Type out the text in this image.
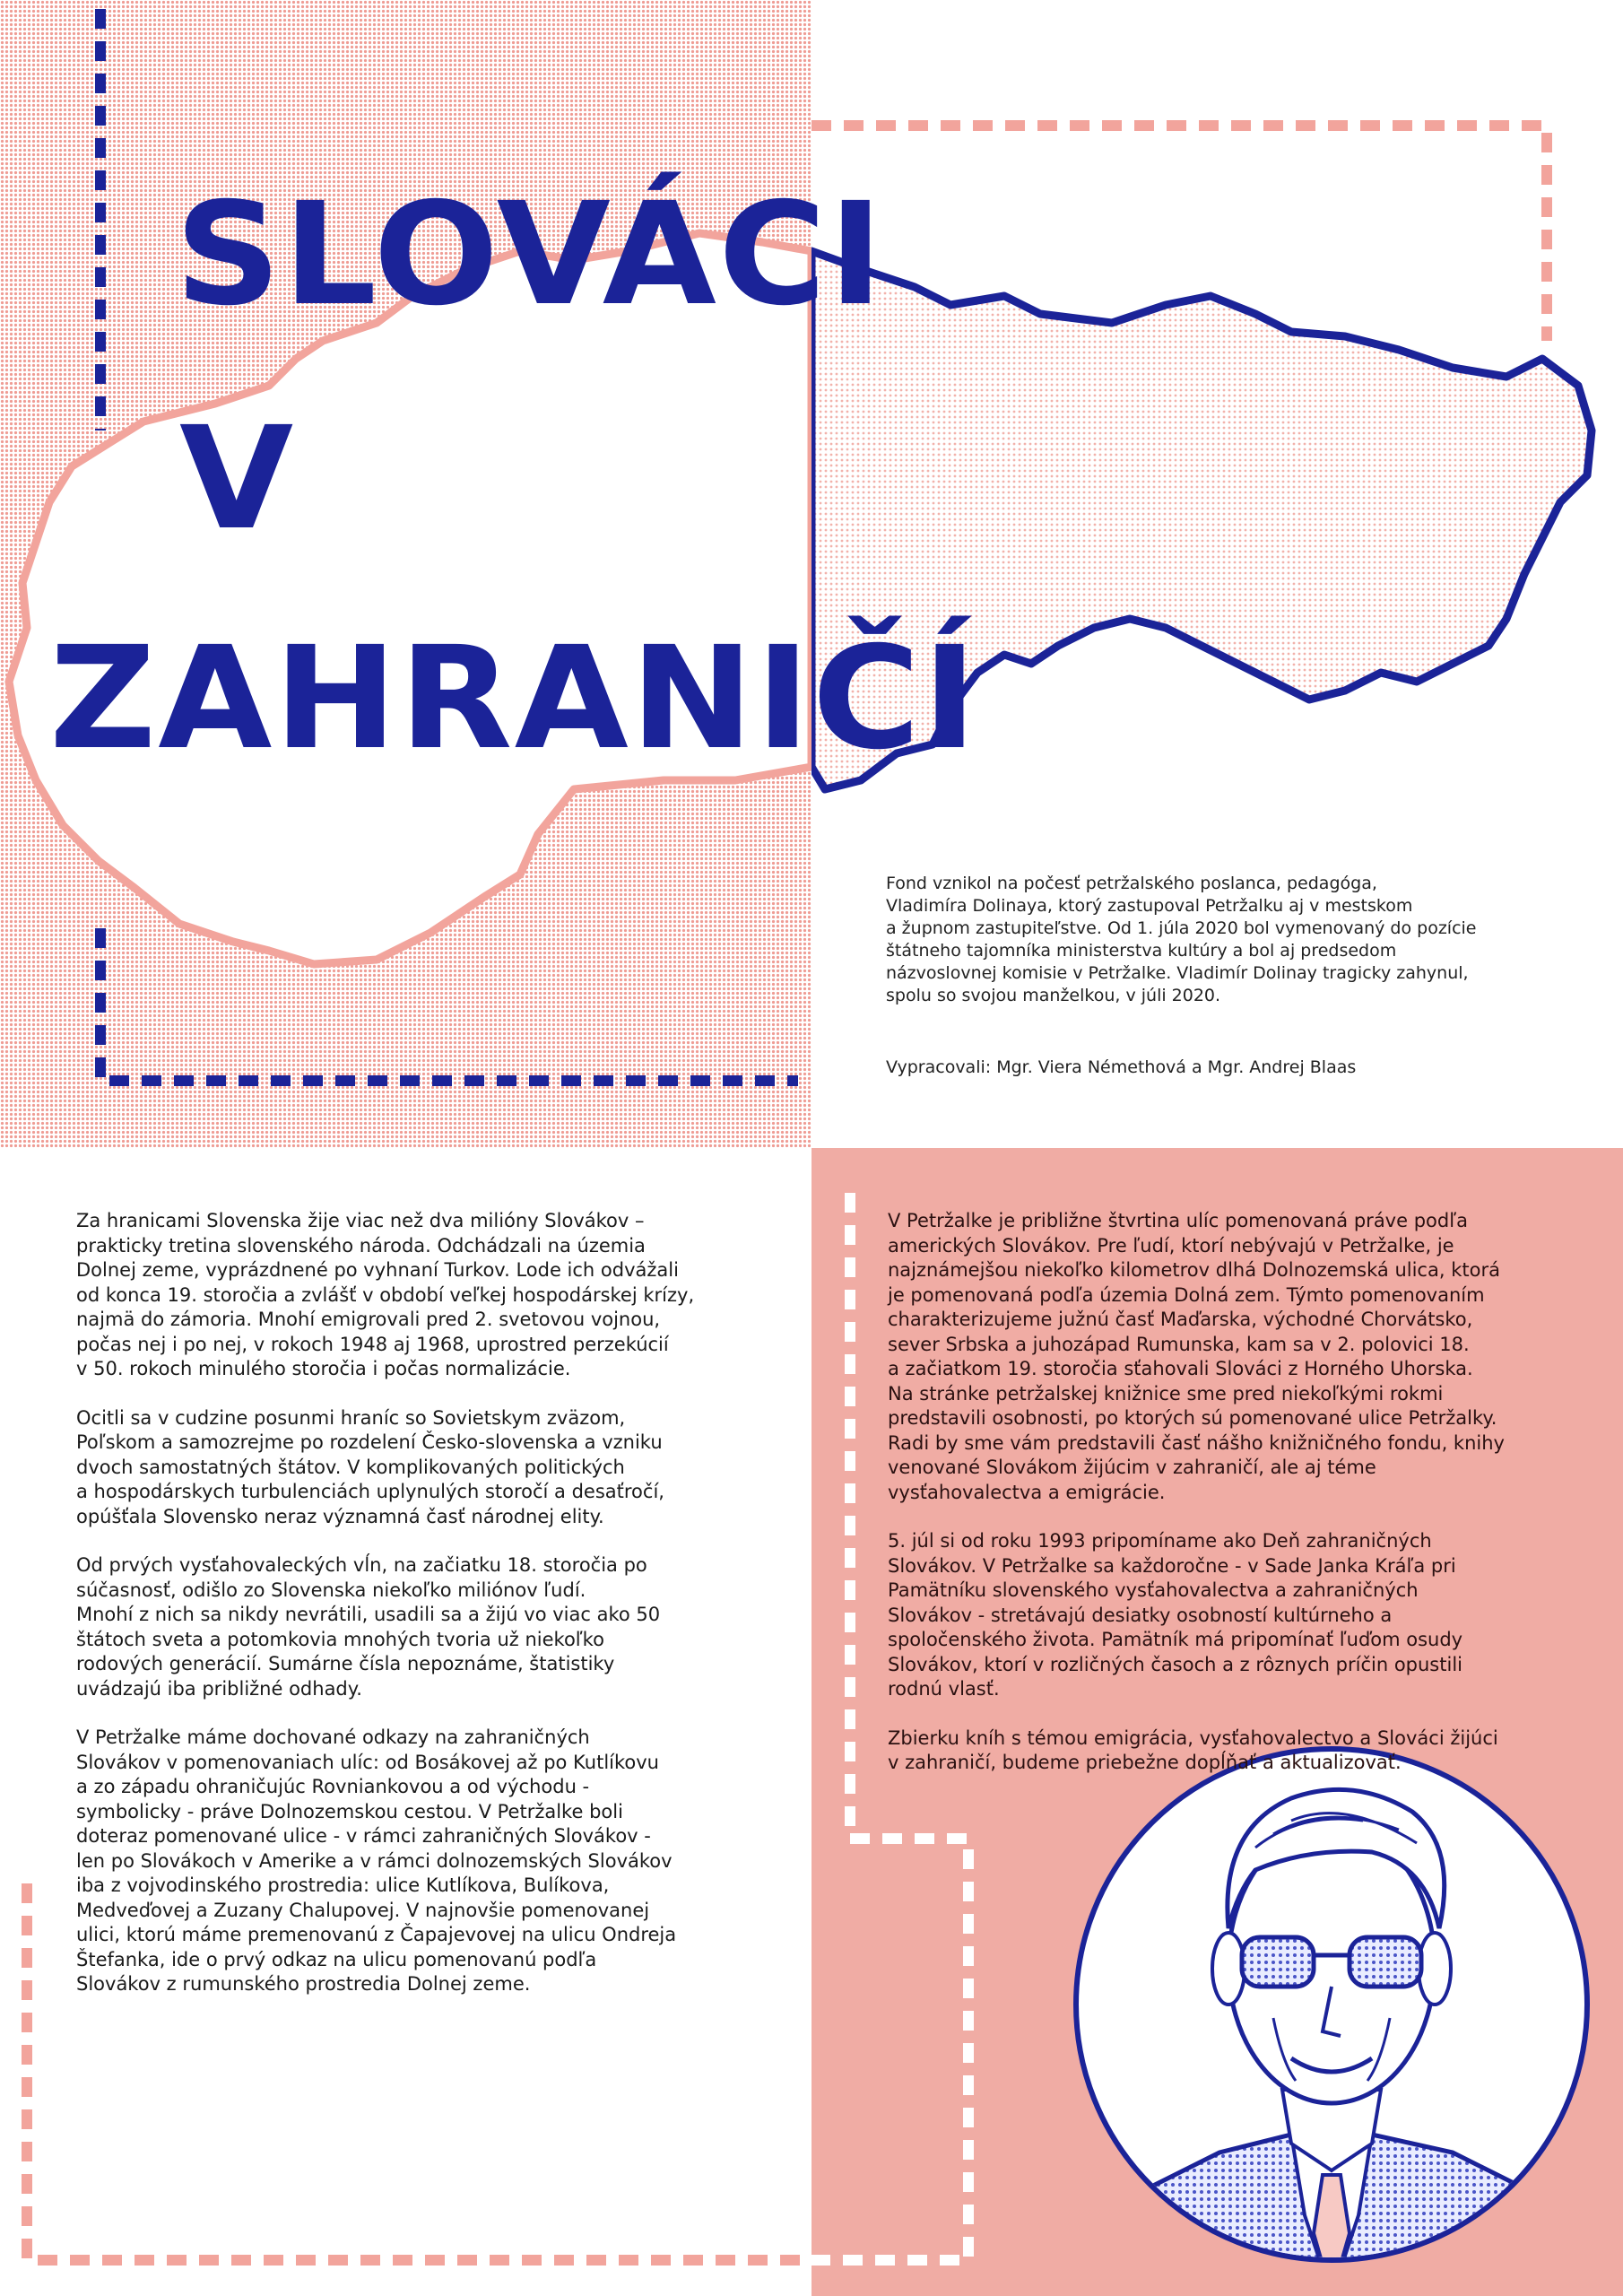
SLOVÁCI
V
ZAHRANIČÍ
Fond vznikol na počesť petržalského poslanca, pedagóga,
Vladimíra Dolinaya, ktorý zastupoval Petržalku aj v mestskom
a župnom zastupiteľstve. Od 1. júla 2020 bol vymenovaný do pozície
štátneho tajomníka ministerstva kultúry a bol aj predsedom
názvoslovnej komisie v Petržalke. Vladimír Dolinay tragicky zahynul,
spolu so svojou manželkou, v júli 2020.
Vypracovali: Mgr. Viera Némethová a Mgr. Andrej Blaas

Za hranicami Slovenska žije viac než dva milióny Slovákov –
prakticky tretina slovenského národa. Odchádzali na územia
Dolnej zeme, vyprázdnené po vyhnaní Turkov. Lode ich odvážali
od konca 19. storočia a zvlášť v období veľkej hospodárskej krízy,
najmä do zámoria. Mnohí emigrovali pred 2. svetovou vojnou,
počas nej i po nej, v rokoch 1948 aj 1968, uprostred perzekúcií
v 50. rokoch minulého storočia i počas normalizácie.

Ocitli sa v cudzine posunmi hraníc so Sovietskym zväzom,
Poľskom a samozrejme po rozdelení Česko-slovenska a vzniku
dvoch samostatných štátov. V komplikovaných politických
a hospodárskych turbulenciách uplynulých storočí a desaťročí,
opúšťala Slovensko neraz významná časť národnej elity.

Od prvých vysťahovaleckých vĺn, na začiatku 18. storočia po
súčasnosť, odišlo zo Slovenska niekoľko miliónov ľudí.
Mnohí z nich sa nikdy nevrátili, usadili sa a žijú vo viac ako 50
štátoch sveta a potomkovia mnohých tvoria už niekoľko
rodových generácií. Sumárne čísla nepoznáme, štatistiky
uvádzajú iba približné odhady.

V Petržalke máme dochované odkazy na zahraničných
Slovákov v pomenovaniach ulíc: od Bosákovej až po Kutlíkovu
a zo západu ohraničujúc Rovniankovou a od východu -
symbolicky - práve Dolnozemskou cestou. V Petržalke boli
doteraz pomenované ulice - v rámci zahraničných Slovákov -
len po Slovákoch v Amerike a v rámci dolnozemských Slovákov
iba z vojvodinského prostredia: ulice Kutlíkova, Bulíkova,
Medveďovej a Zuzany Chalupovej. V najnovšie pomenovanej
ulici, ktorú máme premenovanú z Čapajevovej na ulicu Ondreja
Štefanka, ide o prvý odkaz na ulicu pomenovanú podľa
Slovákov z rumunského prostredia Dolnej zeme.

V Petržalke je približne štvrtina ulíc pomenovaná práve podľa
amerických Slovákov. Pre ľudí, ktorí nebývajú v Petržalke, je
najznámejšou niekoľko kilometrov dlhá Dolnozemská ulica, ktorá
je pomenovaná podľa územia Dolná zem. Týmto pomenovaním
charakterizujeme južnú časť Maďarska, východné Chorvátsko,
sever Srbska a juhozápad Rumunska, kam sa v 2. polovici 18.
a začiatkom 19. storočia sťahovali Slováci z Horného Uhorska.
Na stránke petržalskej knižnice sme pred niekoľkými rokmi
predstavili osobnosti, po ktorých sú pomenované ulice Petržalky.
Radi by sme vám predstavili časť nášho knižničného fondu, knihy
venované Slovákom žijúcim v zahraničí, ale aj téme
vysťahovalectva a emigrácie.

5. júl si od roku 1993 pripomíname ako Deň zahraničných
Slovákov. V Petržalke sa každoročne - v Sade Janka Kráľa pri
Pamätníku slovenského vysťahovalectva a zahraničných
Slovákov - stretávajú desiatky osobností kultúrneho a
spoločenského života. Pamätník má pripomínať ľuďom osudy
Slovákov, ktorí v rozličných časoch a z rôznych príčin opustili
rodnú vlasť.

Zbierku kníh s témou emigrácia, vysťahovalectvo a Slováci žijúci
v zahraničí, budeme priebežne dopĺňať a aktualizovať.
